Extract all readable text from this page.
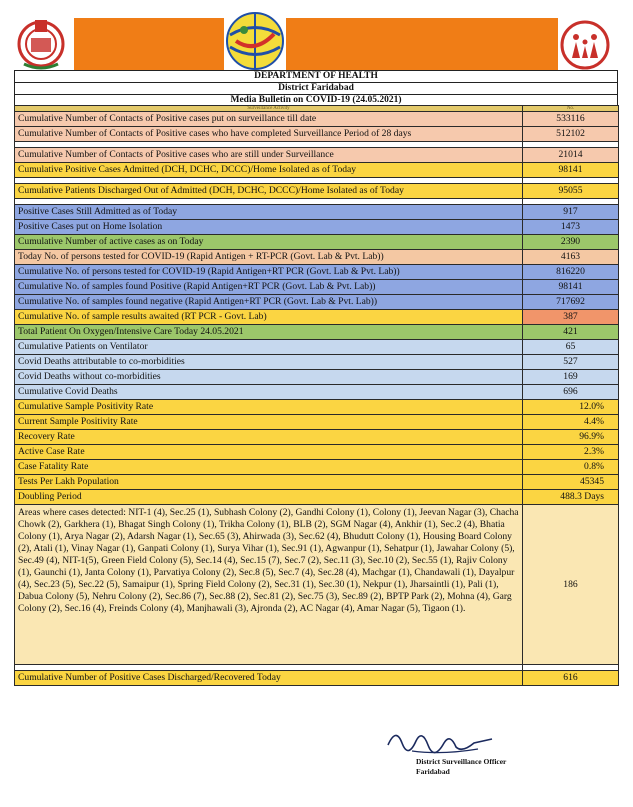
DEPARTMENT OF HEALTH
District Faridabad
Media Bulletin on COVID-19 (24.05.2021)
Surveillance Activity	No.
Cumulative Number of Contacts of Positive cases put on surveillance till date	533116
Cumulative Number of Contacts of Positive cases who have completed Surveillance Period of 28 days	512102

Cumulative Number of Contacts of Positive cases who are still under Surveillance	21014
Cumulative Positive Cases Admitted (DCH, DCHC, DCCC)/Home Isolated as of Today	98141

Cumulative Patients Discharged Out of Admitted (DCH, DCHC, DCCC)/Home Isolated as of Today	95055

Positive Cases Still Admitted as of Today	917
Positive Cases put on Home Isolation	1473
Cumulative Number of active cases as on Today	2390
Today No. of persons tested for COVID-19 (Rapid Antigen + RT-PCR (Govt. Lab & Pvt. Lab))	4163
Cumulative No. of persons tested for COVID-19 (Rapid Antigen+RT PCR (Govt. Lab & Pvt. Lab))	816220
Cumulative No. of samples found Positive (Rapid Antigen+RT PCR (Govt. Lab & Pvt. Lab))	98141
Cumulative No. of samples found negative (Rapid Antigen+RT PCR (Govt. Lab & Pvt. Lab))	717692
Cumulative No. of sample results awaited (RT PCR - Govt. Lab)	387
Total Patient On Oxygen/Intensive Care Today 24.05.2021	421
Cumulative Patients on Ventilator	65
Covid Deaths attributable to co-morbidities	527
Covid Deaths without co-morbidities	169
Cumulative Covid Deaths	696
Cumulative Sample Positivity Rate	12.0%
Current Sample Positivity Rate	4.4%
Recovery Rate	96.9%
Active Case Rate	2.3%
Case Fatality Rate	0.8%
Tests Per Lakh Population	45345
Doubling Period	488.3 Days
Areas where cases detected: NIT-1 (4), Sec.25 (1), Subhash Colony (2), Gandhi Colony (1), Colony (1), Jeevan Nagar (3), Chacha Chowk (2), Garkhera (1), Bhagat Singh Colony (1), Trikha Colony (1), BLB (2), SGM Nagar (4), Ankhir (1), Sec.2 (4), Bhatia Colony (1), Arya Nagar (2), Adarsh Nagar (1), Sec.65 (3), Ahirwada (3), Sec.62 (4), Bhudutt Colony (1), Housing Board Colony (2), Atali (1), Vinay Nagar (1), Ganpati Colony (1), Surya Vihar (1), Sec.91 (1), Agwanpur (1), Sehatpur (1), Jawahar Colony (5), Sec.49 (4), NIT-1(5), Green Field Colony (5), Sec.14 (4), Sec.15 (7), Sec.7 (2), Sec.11 (3), Sec.10 (2), Sec.55 (1), Rajiv Colony (1), Gaunchi (1), Janta Colony (1), Parvatiya Colony (2), Sec.8 (5), Sec.7 (4), Sec.28 (4), Machgar (1), Chandawali (1), Dayalpur (4), Sec.23 (5), Sec.22 (5), Samaipur (1), Spring Field Colony (2), Sec.31 (1), Sec.30 (1), Nekpur (1), Jharsaintli (1), Pali (1), Dabua Colony (5), Nehru Colony (2), Sec.86 (7), Sec.88 (2), Sec.81 (2), Sec.75 (3), Sec.89 (2), BPTP Park (2), Mohna (4), Garg Colony (2), Sec.16 (4), Freinds Colony (4), Manjhawali (3), Ajronda (2), AC Nagar (4), Amar Nagar (5), Tigaon (1).	186

Cumulative Number of Positive Cases Discharged/Recovered Today	616
District Surveillance Officer
Faridabad
